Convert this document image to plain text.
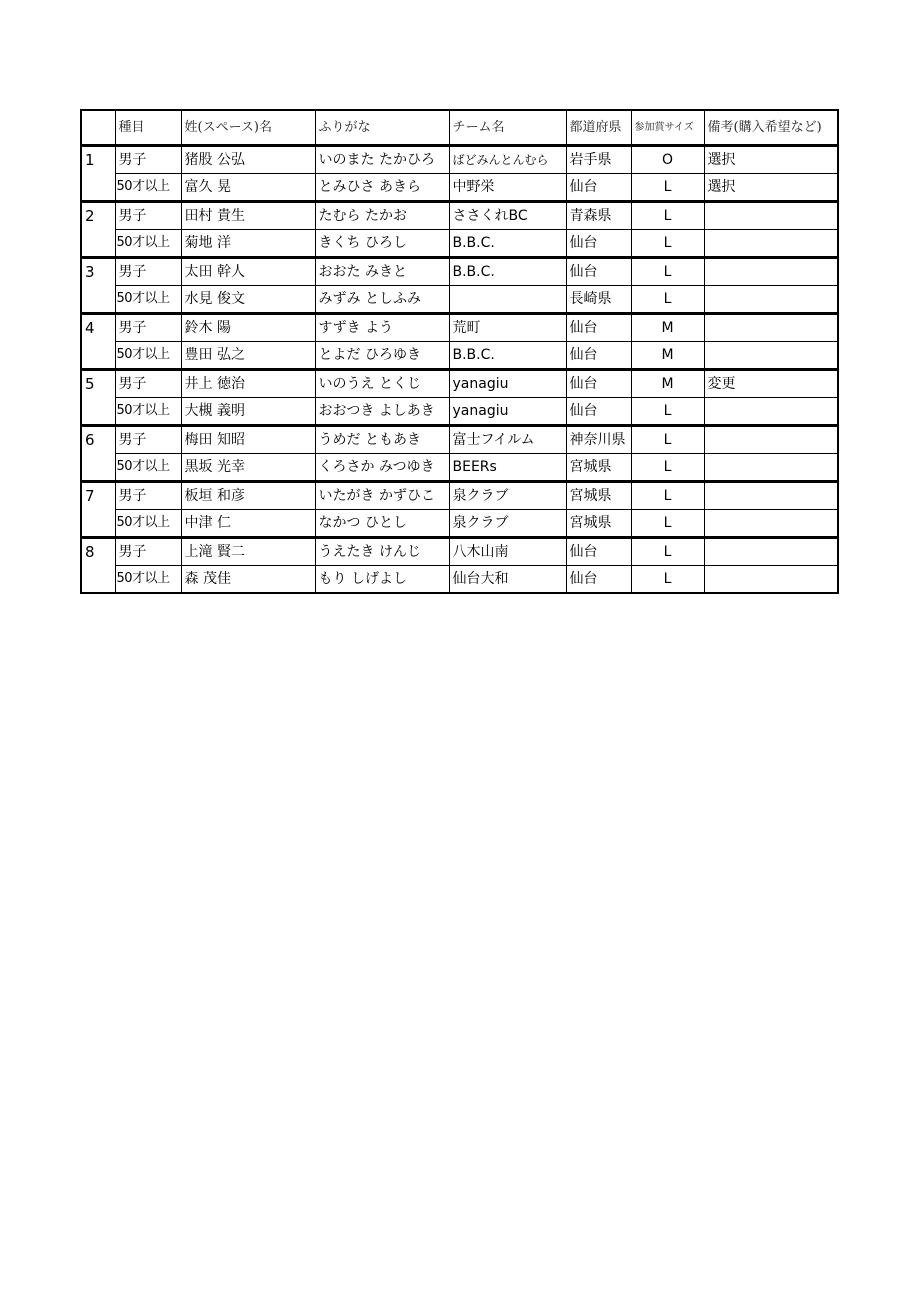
	種目	姓(スペース)名	ふりがな	チーム名	都道府県	参加賞サイズ	備考(購入希望など)
1	男子	猪股 公弘	いのまた たかひろ	ばどみんとんむら	岩手県	O	選択
	50才以上	富久 晃	とみひさ あきら	中野栄	仙台	L	選択
2	男子	田村 貴生	たむら たかお	ささくれBC	青森県	L	
	50才以上	菊地 洋	きくち ひろし	B.B.C.	仙台	L	
3	男子	太田 幹人	おおた みきと	B.B.C.	仙台	L	
	50才以上	水見 俊文	みずみ としふみ		長崎県	L	
4	男子	鈴木 陽	すずき よう	荒町	仙台	M	
	50才以上	豊田 弘之	とよだ ひろゆき	B.B.C.	仙台	M	
5	男子	井上 徳治	いのうえ とくじ	yanagiu	仙台	M	変更
	50才以上	大槻 義明	おおつき よしあき	yanagiu	仙台	L	
6	男子	梅田 知昭	うめだ ともあき	富士フイルム	神奈川県	L	
	50才以上	黒坂 光幸	くろさか みつゆき	BEERs	宮城県	L	
7	男子	板垣 和彦	いたがき かずひこ	泉クラブ	宮城県	L	
	50才以上	中津 仁	なかつ ひとし	泉クラブ	宮城県	L	
8	男子	上滝 賢二	うえたき けんじ	八木山南	仙台	L	
	50才以上	森 茂佳	もり しげよし	仙台大和	仙台	L	
